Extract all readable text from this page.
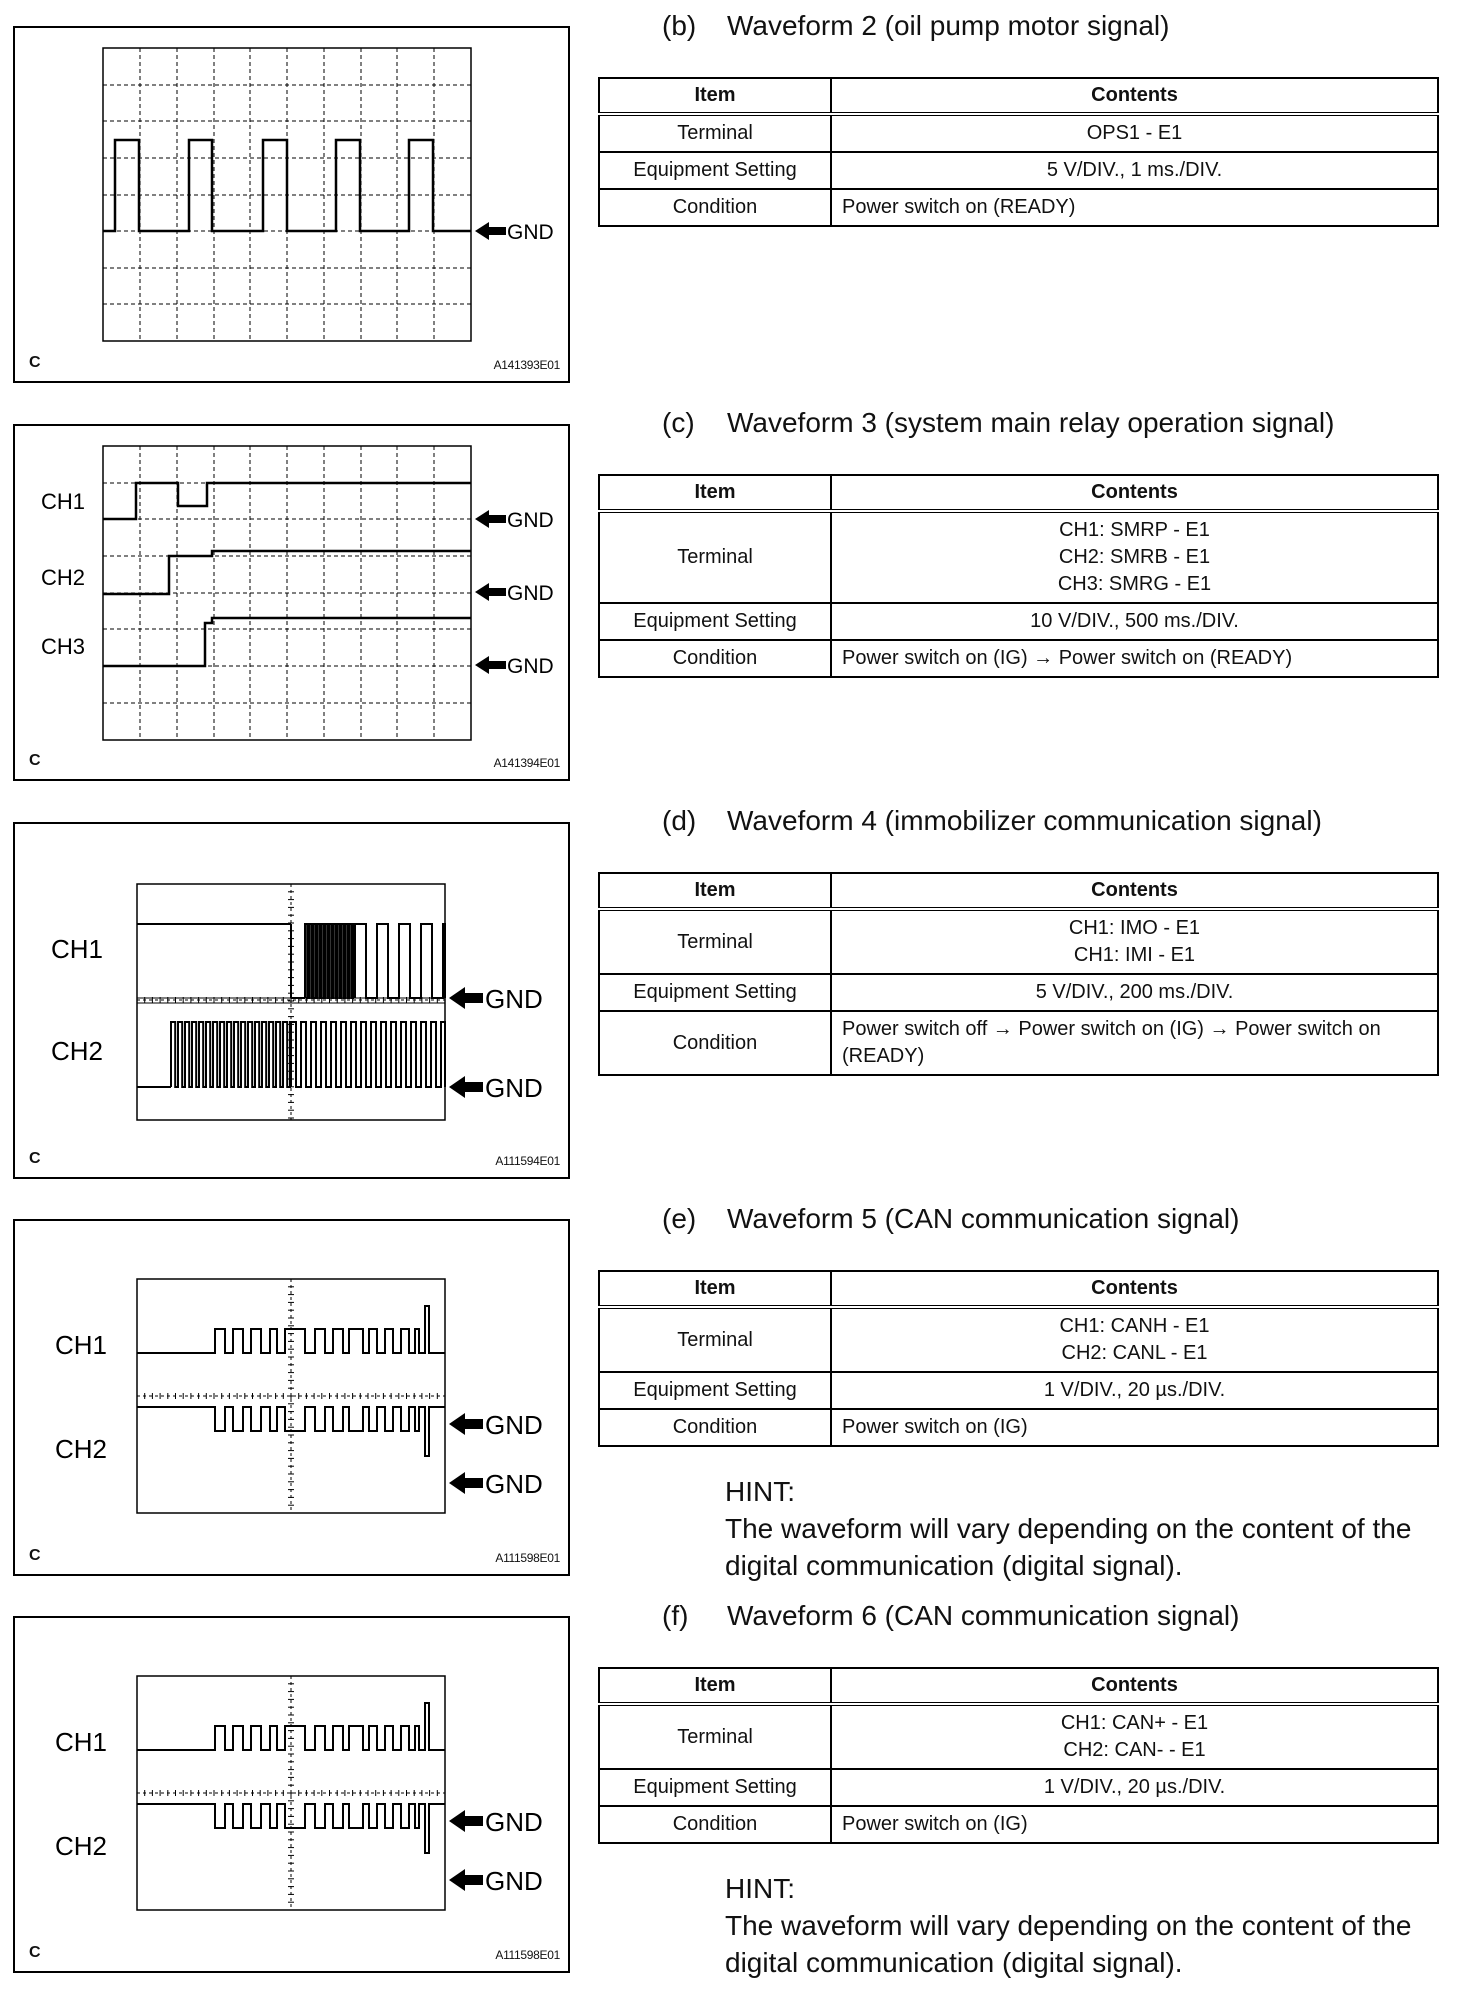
GND
C	A141393E01
(b) Waveform 2 (oil pump motor signal)
Item	Contents
Terminal	OPS1 - E1
Equipment Setting	5 V/DIV., 1 ms./DIV.
Condition	Power switch on (READY)
CH1
CH2
CH3
GND
GND
GND
C	A141394E01
(c) Waveform 3 (system main relay operation signal)
Item	Contents
Terminal	CH1: SMRP - E1
CH2: SMRB - E1
CH3: SMRG - E1

Equipment Setting	10 V/DIV., 500 ms./DIV.
Condition	Power switch on (IG) → Power switch on (READY)
CH1
CH2
GND
GND
C	A111594E01
(d) Waveform 4 (immobilizer communication signal)
Item	Contents
Terminal	CH1: IMO - E1
CH1: IMI - E1

Equipment Setting	5 V/DIV., 200 ms./DIV.
Condition	Power switch off → Power switch on (IG) → Power switch on (READY)
CH1
CH2
GND
GND
C	A111598E01
(e) Waveform 5 (CAN communication signal)
Item	Contents
Terminal	CH1: CANH - E1
CH2: CANL - E1

Equipment Setting	1 V/DIV., 20 µs./DIV.
Condition	Power switch on (IG)
HINT:
The waveform will vary depending on the content of the digital communication (digital signal).
CH1
CH2
GND
GND
C	A111598E01
(f) Waveform 6 (CAN communication signal)
Item	Contents
Terminal	CH1: CAN+ - E1
CH2: CAN- - E1

Equipment Setting	1 V/DIV., 20 µs./DIV.
Condition	Power switch on (IG)
HINT:
The waveform will vary depending on the content of the digital communication (digital signal).
